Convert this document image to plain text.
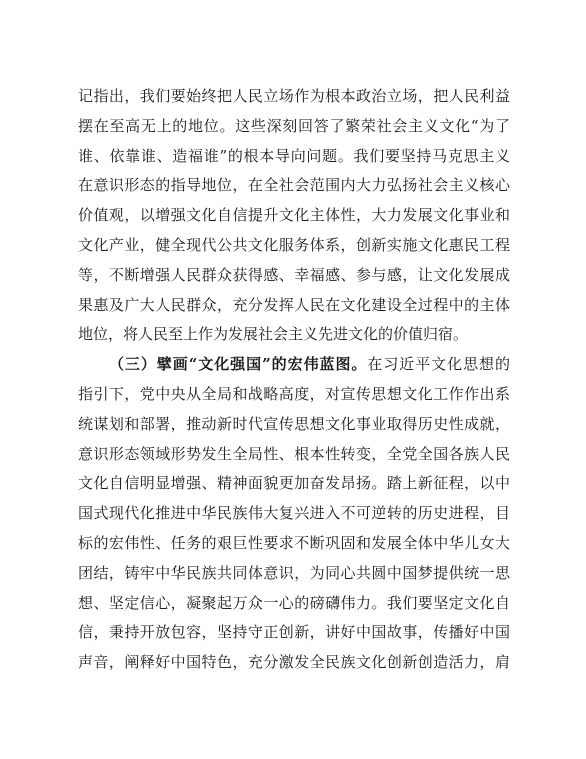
记指出，我们要始终把人民立场作为根本政治立场，把人民利益
摆在至高无上的地位。这些深刻回答了繁荣社会主义文化“为了
谁、依靠谁、造福谁”的根本导向问题。我们要坚持马克思主义
在意识形态的指导地位，在全社会范围内大力弘扬社会主义核心
价值观，以增强文化自信提升文化主体性，大力发展文化事业和
文化产业，健全现代公共文化服务体系，创新实施文化惠民工程
等，不断增强人民群众获得感、幸福感、参与感，让文化发展成
果惠及广大人民群众，充分发挥人民在文化建设全过程中的主体
地位，将人民至上作为发展社会主义先进文化的价值归宿。
（三）擘画“文化强国”的宏伟蓝图。在习近平文化思想的
指引下，党中央从全局和战略高度，对宣传思想文化工作作出系
统谋划和部署，推动新时代宣传思想文化事业取得历史性成就，
意识形态领域形势发生全局性、根本性转变，全党全国各族人民
文化自信明显增强、精神面貌更加奋发昂扬。踏上新征程，以中
国式现代化推进中华民族伟大复兴进入不可逆转的历史进程，目
标的宏伟性、任务的艰巨性要求不断巩固和发展全体中华儿女大
团结，铸牢中华民族共同体意识，为同心共圆中国梦提供统一思
想、坚定信心，凝聚起万众一心的磅礴伟力。我们要坚定文化自
信，秉持开放包容，坚持守正创新，讲好中国故事，传播好中国
声音，阐释好中国特色，充分激发全民族文化创新创造活力，肩
